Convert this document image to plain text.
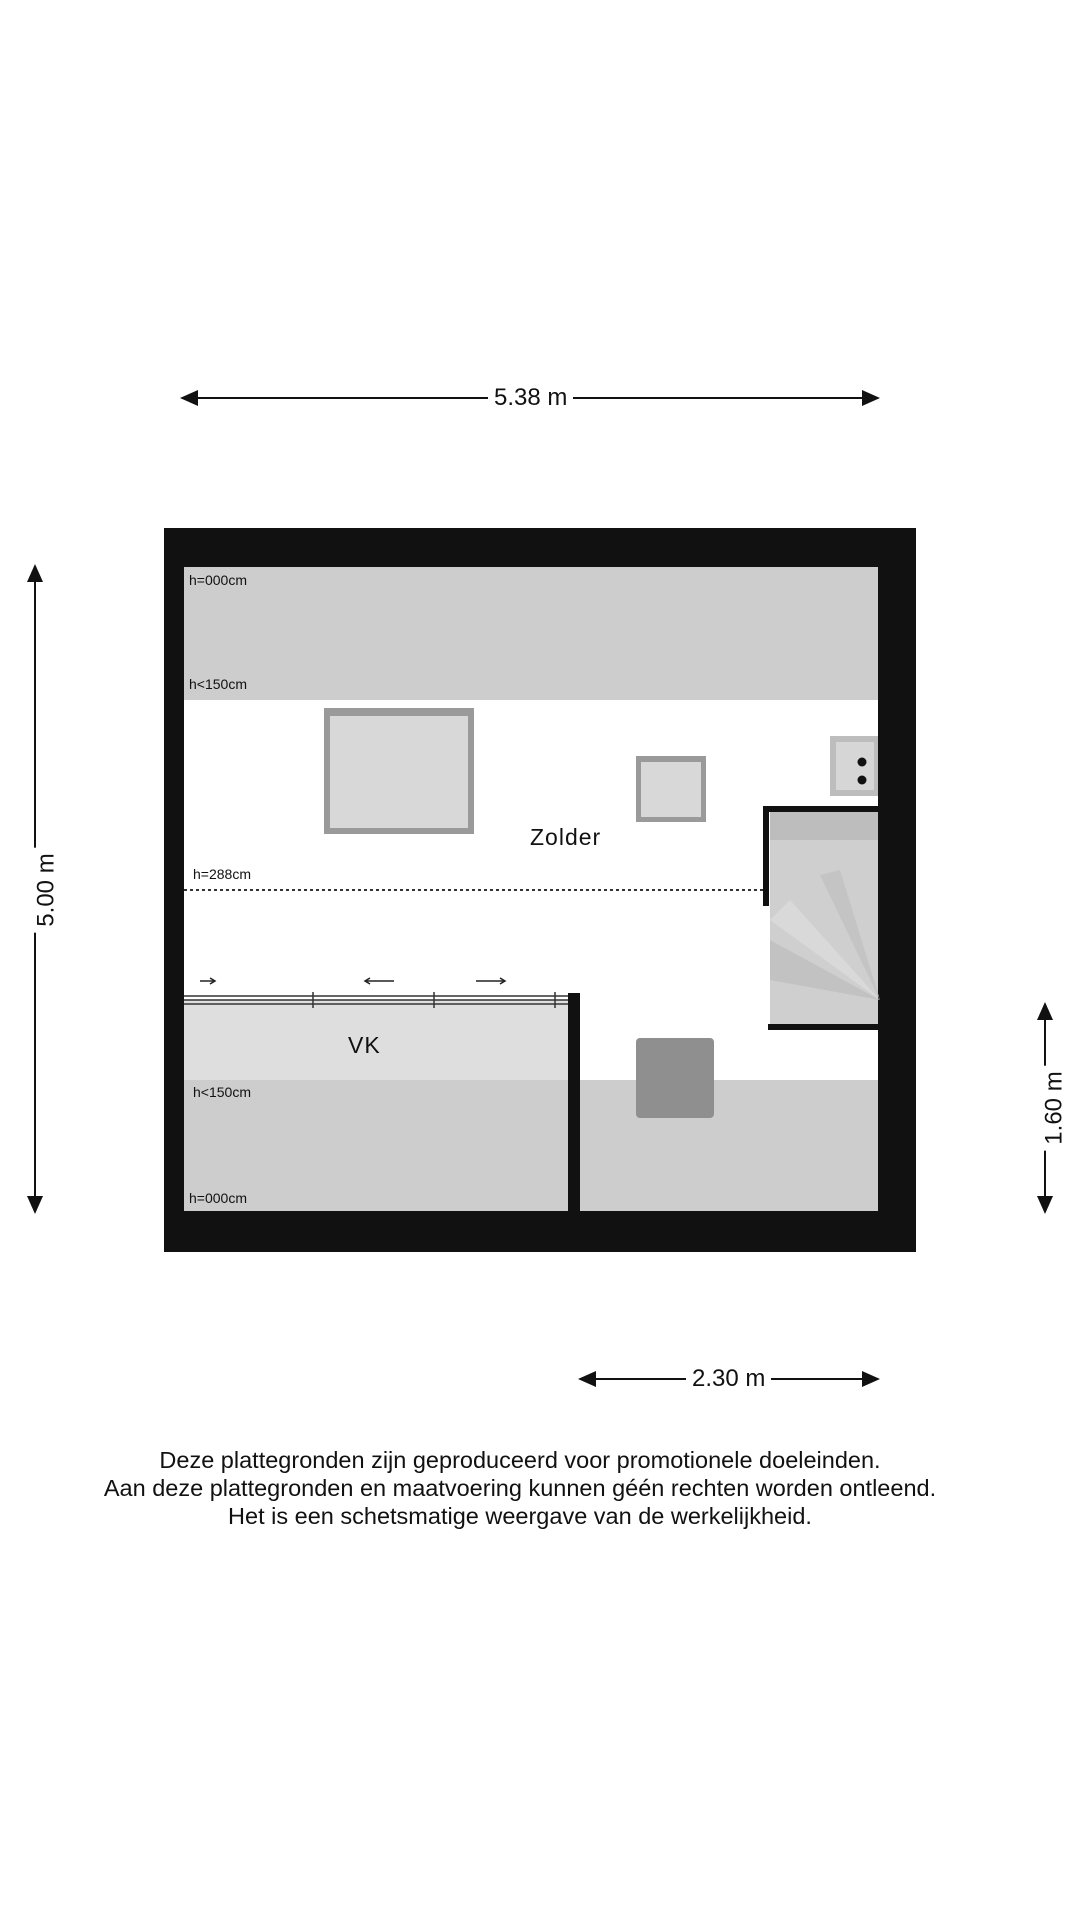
5.38 m
5.00 m
1.60 m
2.30 m
h=000cm
h<150cm
h=288cm
h<150cm
h=000cm
Zolder
VK
Deze plattegronden zijn geproduceerd voor promotionele doeleinden.
Aan deze plattegronden en maatvoering kunnen géén rechten worden ontleend.
Het is een schetsmatige weergave van de werkelijkheid.
